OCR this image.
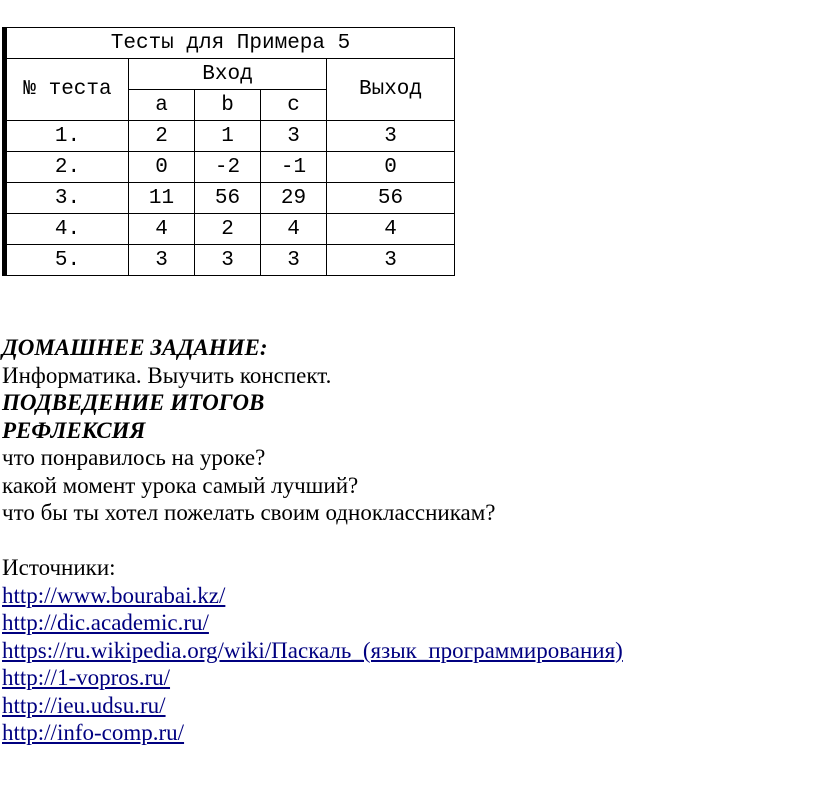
Тесты для Примера 5				
№ теста	Вход			Выход
	a	b	c	
1.	2	1	3	3
2.	0	-2	-1	0
3.	11	56	29	56
4.	4	2	4	4
5.	3	3	3	3
ДОМАШНЕЕ ЗАДАНИЕ:
Информатика. Выучить конспект.
ПОДВЕДЕНИЕ ИТОГОВ
РЕФЛЕКСИЯ
что понравилось на уроке?
какой момент урока самый лучший?
что бы ты хотел пожелать своим одноклассникам?
Источники:
http://www.bourabai.kz/
http://dic.academic.ru/
https://ru.wikipedia.org/wiki/Паскаль_(язык_программирования)
http://1-vopros.ru/
http://ieu.udsu.ru/
http://info-comp.ru/
